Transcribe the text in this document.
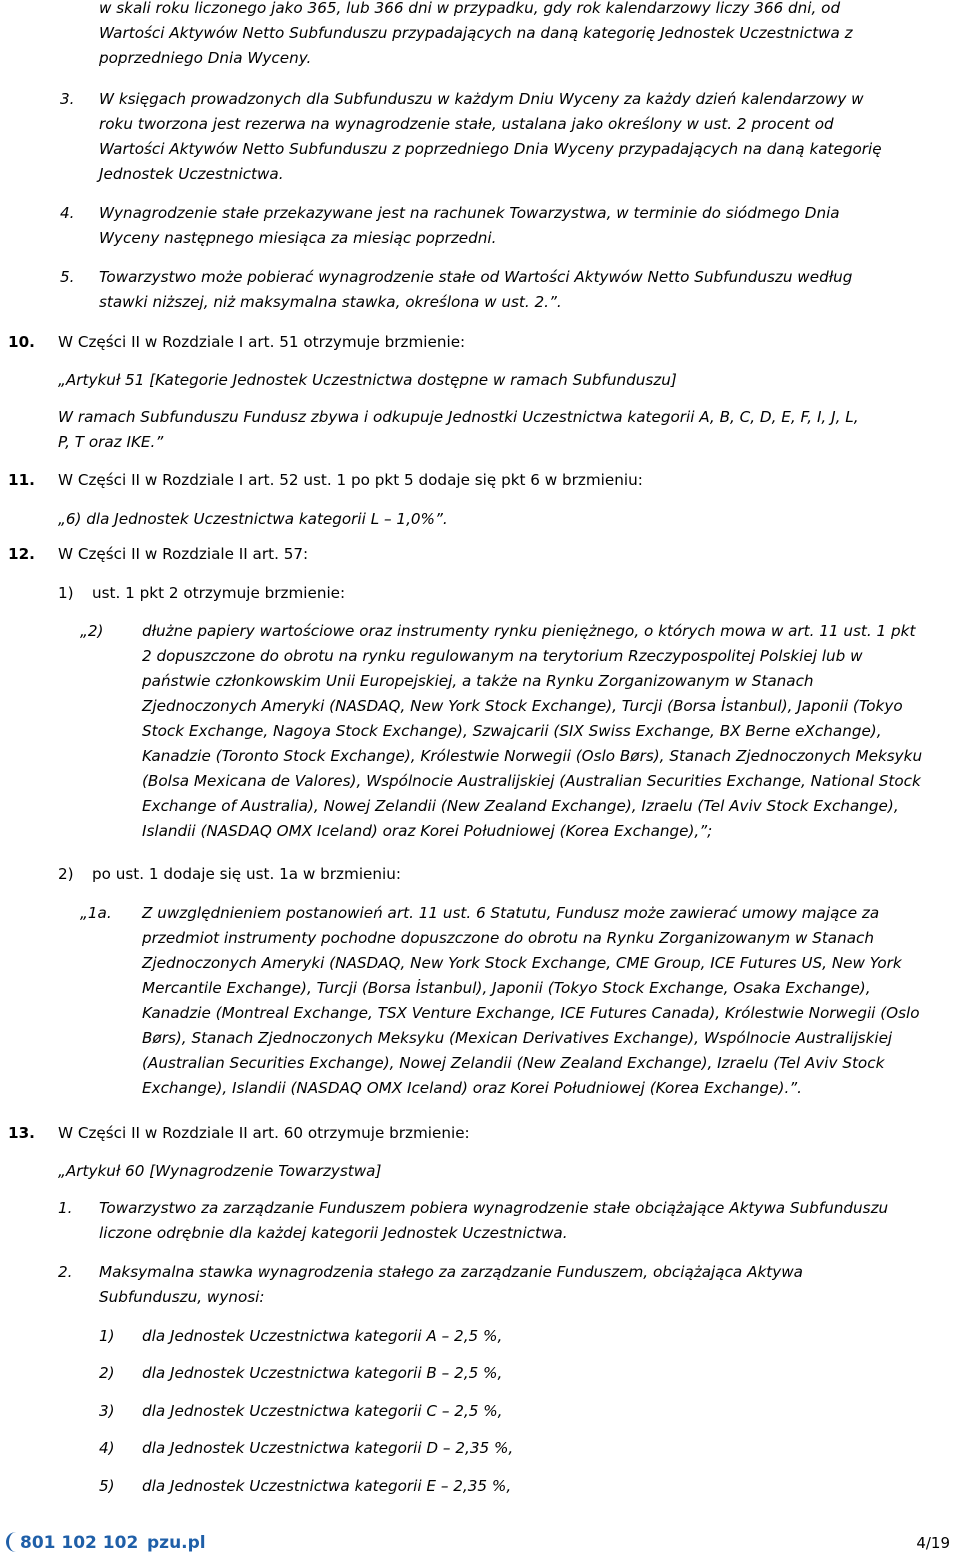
w skali roku liczonego jako 365, lub 366 dni w przypadku, gdy rok kalendarzowy liczy 366 dni, od
Wartości Aktywów Netto Subfunduszu przypadających na daną kategorię Jednostek Uczestnictwa z
poprzedniego Dnia Wyceny.
3. W księgach prowadzonych dla Subfunduszu w każdym Dniu Wyceny za każdy dzień kalendarzowy w
roku tworzona jest rezerwa na wynagrodzenie stałe, ustalana jako określony w ust. 2 procent od
Wartości Aktywów Netto Subfunduszu z poprzedniego Dnia Wyceny przypadających na daną kategorię
Jednostek Uczestnictwa.
4. Wynagrodzenie stałe przekazywane jest na rachunek Towarzystwa, w terminie do siódmego Dnia
Wyceny następnego miesiąca za miesiąc poprzedni.
5. Towarzystwo może pobierać wynagrodzenie stałe od Wartości Aktywów Netto Subfunduszu według
stawki niższej, niż maksymalna stawka, określona w ust. 2.”.
10. W Części II w Rozdziale I art. 51 otrzymuje brzmienie:
„Artykuł 51 [Kategorie Jednostek Uczestnictwa dostępne w ramach Subfunduszu]
W ramach Subfunduszu Fundusz zbywa i odkupuje Jednostki Uczestnictwa kategorii A, B, C, D, E, F, I, J, L,
P, T oraz IKE.”
11. W Części II w Rozdziale I art. 52 ust. 1 po pkt 5 dodaje się pkt 6 w brzmieniu:
„6) dla Jednostek Uczestnictwa kategorii L – 1,0%”.
12. W Części II w Rozdziale II art. 57:
1) ust. 1 pkt 2 otrzymuje brzmienie:
„2)	dłużne papiery wartościowe oraz instrumenty rynku pieniężnego, o których mowa w art. 11 ust. 1 pkt
2 dopuszczone do obrotu na rynku regulowanym na terytorium Rzeczypospolitej Polskiej lub w
państwie członkowskim Unii Europejskiej, a także na Rynku Zorganizowanym w Stanach
Zjednoczonych Ameryki (NASDAQ, New York Stock Exchange), Turcji (Borsa İstanbul), Japonii (Tokyo
Stock Exchange, Nagoya Stock Exchange), Szwajcarii (SIX Swiss Exchange, BX Berne eXchange),
Kanadzie (Toronto Stock Exchange), Królestwie Norwegii (Oslo Børs), Stanach Zjednoczonych Meksyku
(Bolsa Mexicana de Valores), Wspólnocie Australijskiej (Australian Securities Exchange, National Stock
Exchange of Australia), Nowej Zelandii (New Zealand Exchange), Izraelu (Tel Aviv Stock Exchange),
Islandii (NASDAQ OMX Iceland) oraz Korei Południowej (Korea Exchange),”;
2) po ust. 1 dodaje się ust. 1a w brzmieniu:
„1a. Z uwzględnieniem postanowień art. 11 ust. 6 Statutu, Fundusz może zawierać umowy mające za
przedmiot instrumenty pochodne dopuszczone do obrotu na Rynku Zorganizowanym w Stanach
Zjednoczonych Ameryki (NASDAQ, New York Stock Exchange, CME Group, ICE Futures US, New York
Mercantile Exchange), Turcji (Borsa İstanbul), Japonii (Tokyo Stock Exchange, Osaka Exchange),
Kanadzie (Montreal Exchange, TSX Venture Exchange, ICE Futures Canada), Królestwie Norwegii (Oslo
Børs), Stanach Zjednoczonych Meksyku (Mexican Derivatives Exchange), Wspólnocie Australijskiej
(Australian Securities Exchange), Nowej Zelandii (New Zealand Exchange), Izraelu (Tel Aviv Stock
Exchange), Islandii (NASDAQ OMX Iceland) oraz Korei Południowej (Korea Exchange).”.
13. W Części II w Rozdziale II art. 60 otrzymuje brzmienie:
„Artykuł 60 [Wynagrodzenie Towarzystwa]
1. Towarzystwo za zarządzanie Funduszem pobiera wynagrodzenie stałe obciążające Aktywa Subfunduszu
liczone odrębnie dla każdej kategorii Jednostek Uczestnictwa.
2. Maksymalna stawka wynagrodzenia stałego za zarządzanie Funduszem, obciążająca Aktywa
Subfunduszu, wynosi:
1) dla Jednostek Uczestnictwa kategorii A – 2,5 %,
2) dla Jednostek Uczestnictwa kategorii B – 2,5 %,
3) dla Jednostek Uczestnictwa kategorii C – 2,5 %,
4) dla Jednostek Uczestnictwa kategorii D – 2,35 %,
5) dla Jednostek Uczestnictwa kategorii E – 2,35 %,
801 102 102 pzu.pl	4/19
